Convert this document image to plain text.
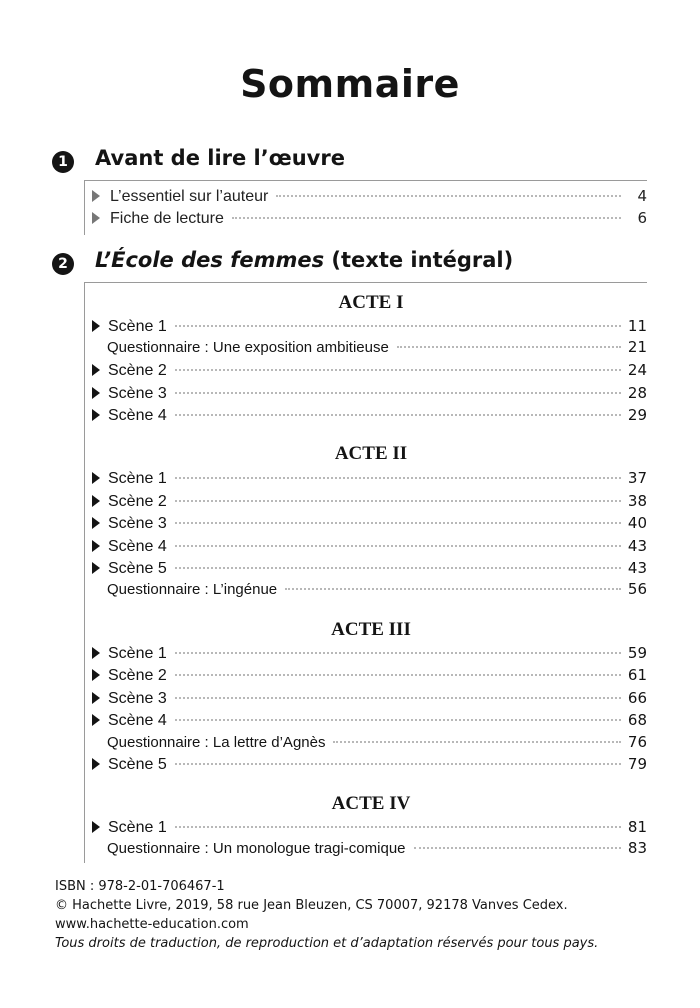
Sommaire
1 Avant de lire l’œuvre
L’essentiel sur l’auteur	4
Fiche de lecture	6
2 L’École des femmes (texte intégral)
ACTE I
Scène 1	11
Questionnaire : Une exposition ambitieuse	21
Scène 2	24
Scène 3	28
Scène 4	29
ACTE II
Scène 1	37
Scène 2	38
Scène 3	40
Scène 4	43
Scène 5	43
Questionnaire : L’ingénue	56
ACTE III
Scène 1	59
Scène 2	61
Scène 3	66
Scène 4	68
Questionnaire : La lettre d’Agnès	76
Scène 5	79
ACTE IV
Scène 1	81
Questionnaire : Un monologue tragi-comique	83
ISBN : 978-2-01-706467-1
© Hachette Livre, 2019, 58 rue Jean Bleuzen, CS 70007, 92178 Vanves Cedex.
www.hachette-education.com
Tous droits de traduction, de reproduction et d’adaptation réservés pour tous pays.
